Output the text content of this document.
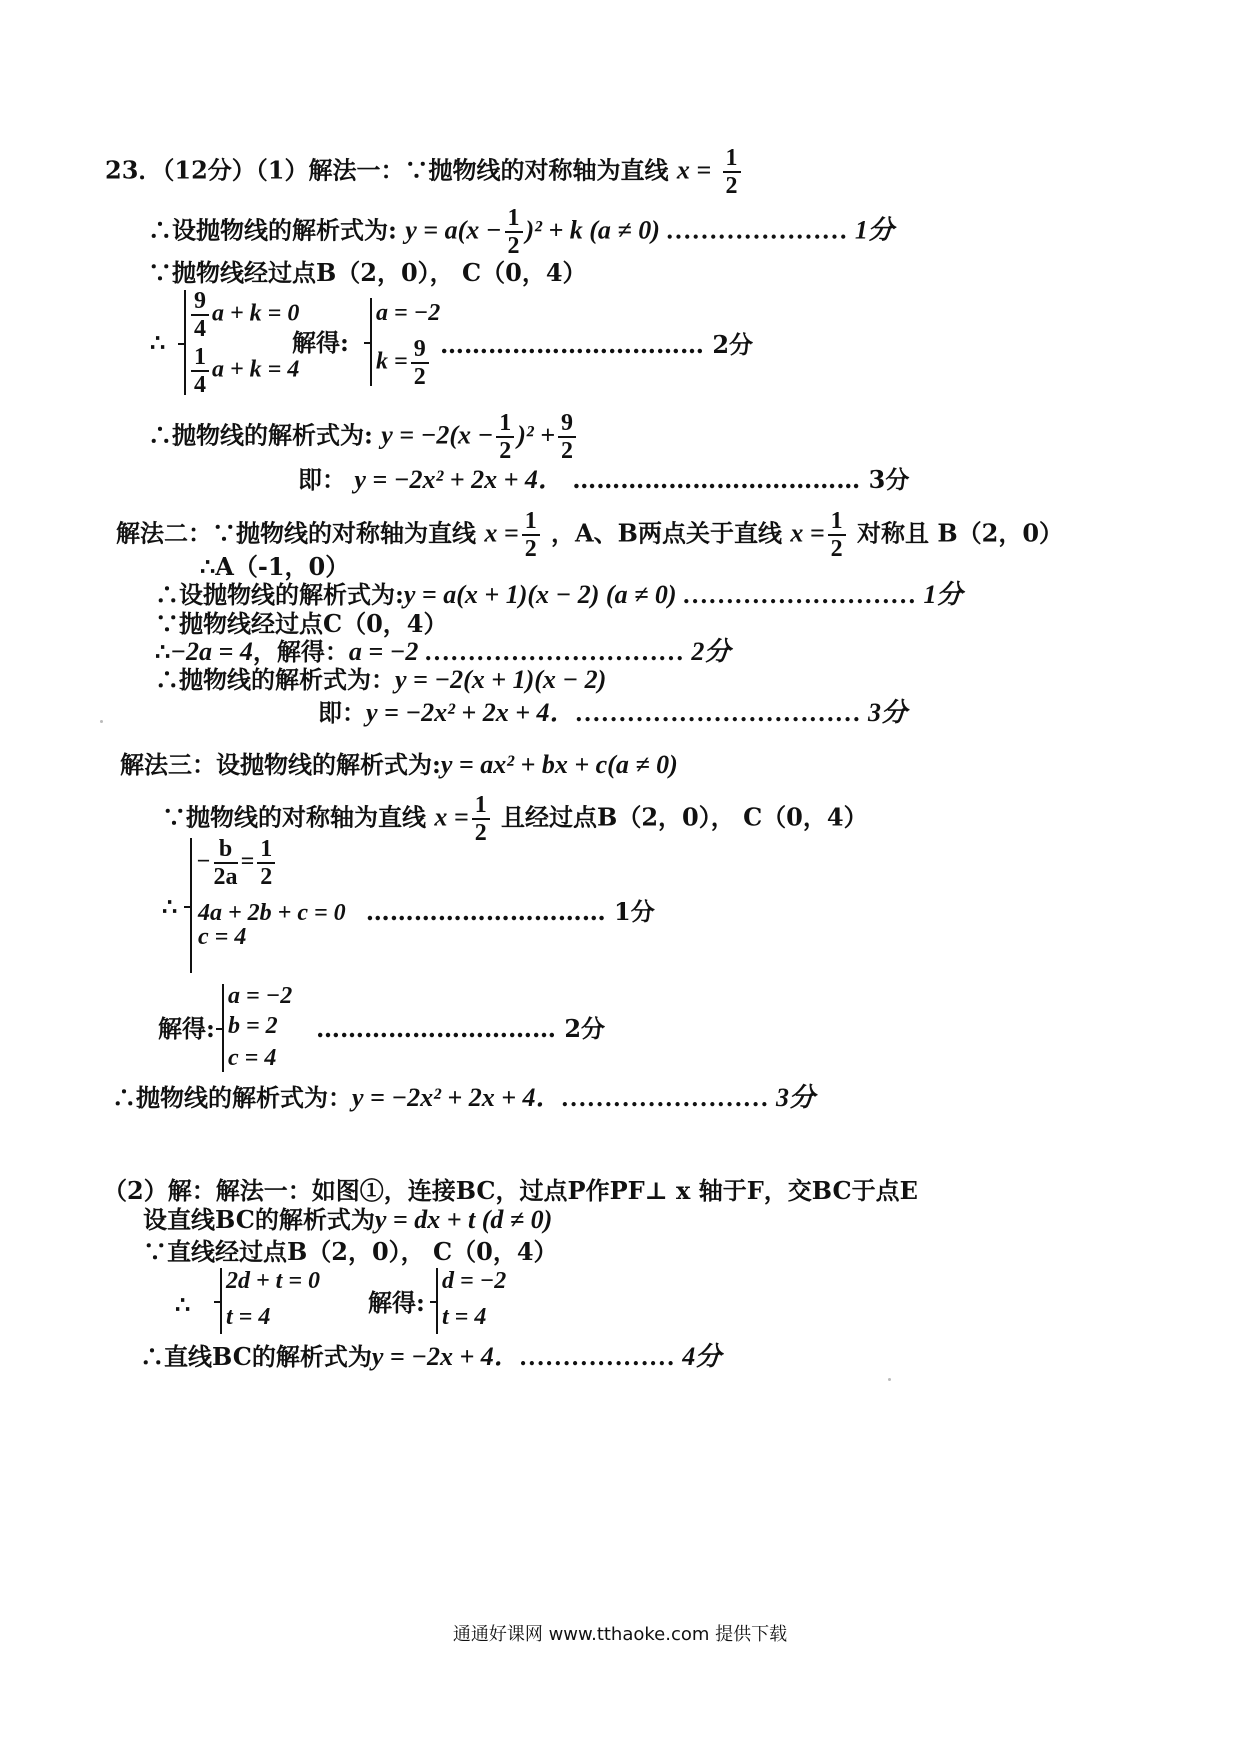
23．（12分）（1）解法一：∵抛物线的对称轴为直线 $x = \frac{1}{2}$
∴设抛物线的解析式为: $y = a(x - \frac{1}{2} )^2 + k$ (a ≠ 0) ………………… 1分
∵抛物线经过点B（2，0）， C（0，4）
∴
$\frac{9}{4}$ a + k = 0
$\frac{1}{4}$ a + k = 4
解得:
a = −2
$k = \frac{9}{2}$ …………………………… 2分
∴抛物线的解析式为: $y = -2(x - \frac{1}{2} )^2 + \frac{9}{2}$
即： y = −2x² + 2x + 4． ……………………………… 3分
解法二：∵抛物线的对称轴为直线 $x = \frac{1}{2}$ ，A、B两点关于直线 $x = \frac{1}{2}$ 对称且 B（2，0）
∴A（-1，0）
∴设抛物线的解析式为:y = a(x + 1)(x − 2) (a ≠ 0) ……………………… 1分
∵抛物线经过点C（0，4）
∴−2a = 4，解得：a = −2 ………………………… 2分
∴抛物线的解析式为：y = −2(x + 1)(x − 2)
即：y = −2x² + 2x + 4．…………………………… 3分
解法三：设抛物线的解析式为:y = ax² + bx + c(a ≠ 0)
∵抛物线的对称轴为直线 $x = \frac{1}{2}$ 且经过点B（2，0）， C（0，4）
∴
− $\frac{b}{2a} = \frac{1}{2}$
4a + 2b + c = 0 ………………………… 1分
c = 4
解得:
a = −2
b = 2
c = 4
………………………… 2分
∴抛物线的解析式为：y = −2x² + 2x + 4．…………………… 3分
（2）解：解法一：如图①，连接BC，过点P作PF⊥ x 轴于F，交BC于点E
设直线BC的解析式为y = dx + t (d ≠ 0)
∵直线经过点B（2，0）， C（0，4）
∴
2d + t = 0
t = 4	解得:
d = −2
t = 4
∴直线BC的解析式为y = −2x + 4．……………… 4分
通通好课网 www.tthaoke.com 提供下载
